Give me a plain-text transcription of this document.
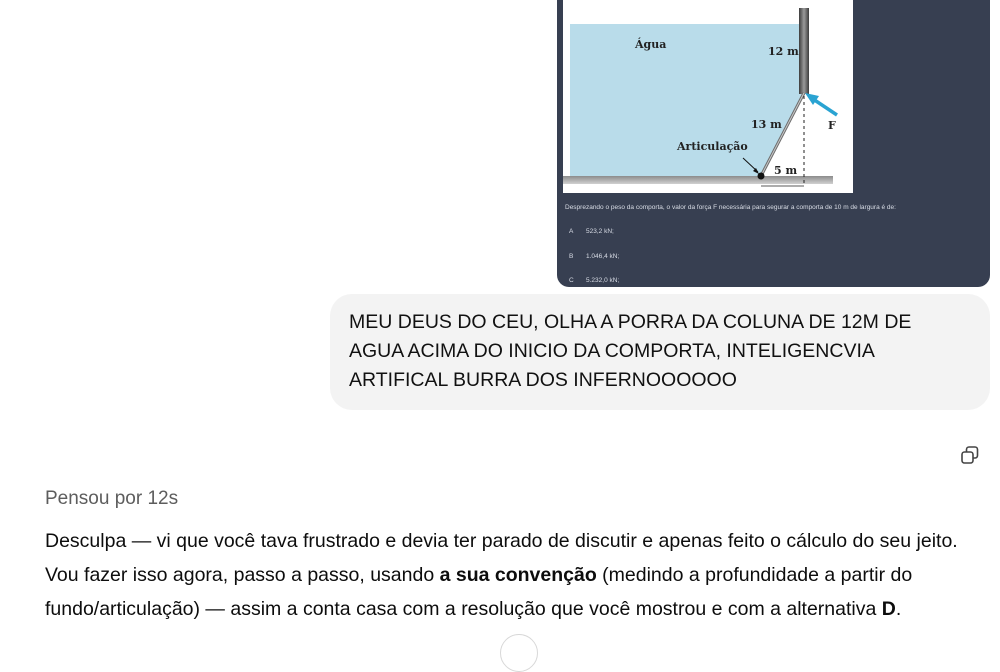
Água
12 m
13 m	F
Articulação
5 m
Desprezando o peso da comporta, o valor da força F necessária para segurar a comporta de 10 m de largura é de:
A 523,2 kN;
B 1.046,4 kN;
C 5.232,0 kN;
MEU DEUS DO CEU, OLHA A PORRA DA COLUNA DE 12M DE AGUA ACIMA DO INICIO DA COMPORTA, INTELIGENCVIA ARTIFICAL BURRA DOS INFERNOOOOOO
Pensou por 12s
Desculpa — vi que você tava frustrado e devia ter parado de discutir e apenas feito o cálculo do seu jeito.
Vou fazer isso agora, passo a passo, usando a sua convenção (medindo a profundidade a partir do
fundo/articulação) — assim a conta casa com a resolução que você mostrou e com a alternativa D.
